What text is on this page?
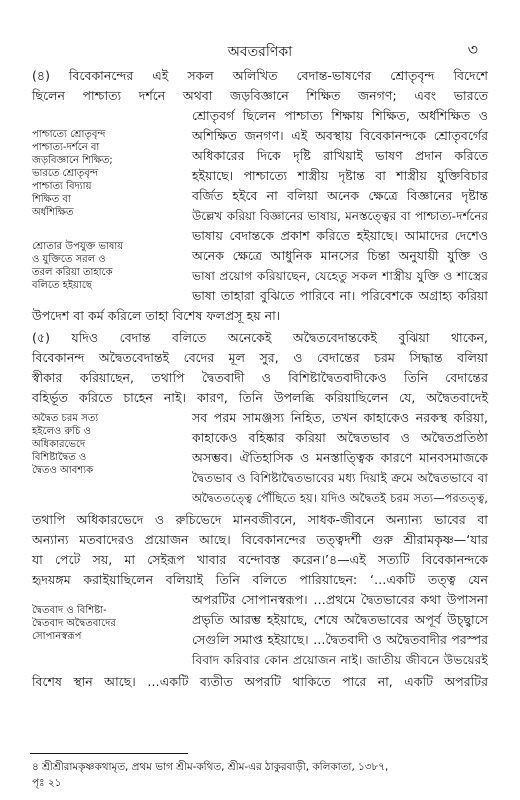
অবতরণিকা	৩
(৪) বিবেকানন্দের এই সকল অলিখিত বেদান্ত-ভাষণের শ্রোতৃবৃন্দ বিদেশে
ছিলেন পাশ্চাত্য দর্শনে অথবা জড়বিজ্ঞানে শিক্ষিত জনগণ; এবং ভারতে
শ্রোতৃবর্গ ছিলেন পাশ্চাত্য শিক্ষায় শিক্ষিত, অর্ধশিক্ষিত ও
অশিক্ষিত জনগণ। এই অবস্থায় বিবেকানন্দকে শ্রোতৃবর্গের
অধিকারের দিকে দৃষ্টি রাখিয়াই ভাষণ প্রদান করিতে
হইয়াছে। পাশ্চাত্যে শাস্ত্রীয় দৃষ্টান্ত বা শাস্ত্রীয় যুক্তিবিচার
বর্জিত হইবে না বলিয়া অনেক ক্ষেত্রে বিজ্ঞানের দৃষ্টান্ত
উল্লেখ করিয়া বিজ্ঞানের ভাষায়, মনস্তত্ত্বের বা পাশ্চাত্য-দর্শনের
ভাষায় বেদান্তকে প্রকাশ করিতে হইয়াছে। আমাদের দেশেও
অনেক ক্ষেত্রে আধুনিক মানসের চিন্তা অনুযায়ী যুক্তি ও
ভাষা প্রয়োগ করিয়াছেন, যেহেতু সকল শাস্ত্রীয় যুক্তি ও শাস্ত্রের
ভাষা তাহারা বুঝিতে পারিবে না। পরিবেশকে অগ্রাহ্য করিয়া
উপদেশ বা কর্ম করিলে তাহা বিশেষ ফলপ্রসূ হয় না।
(৫) যদিও বেদান্ত বলিতে অনেকেই অদ্বৈতবেদান্তকেই বুঝিয়া থাকেন,
বিবেকানন্দ অদ্বৈতবেদান্তই বেদের মূল সুর, ও বেদান্তের চরম সিদ্ধান্ত বলিয়া
স্বীকার করিয়াছেন, তথাপি দ্বৈতবাদী ও বিশিষ্টাদ্বৈতবাদীকেও তিনি বেদান্তের
বহির্ভূত করিতে চাহেন নাই। কারণ, তিনি উপলব্ধি করিয়াছিলেন যে, অদ্বৈতবাদেই
সব পরম সামঞ্জস্য নিহিত, তখন কাহাকেও নরকস্থ করিয়া,
কাহাকেও বহিষ্কার করিয়া অদ্বৈতভাব ও অদ্বৈতপ্রতিষ্ঠা
অসম্ভব। ঐতিহাসিক ও মনস্তাত্ত্বিক কারণে মানবসমাজকে
দ্বৈতভাব ও বিশিষ্টাদ্বৈতভাবের মধ্য দিয়াই ক্রমে অদ্বৈতভাবে বা
অদ্বৈততত্ত্বে পৌঁছিতে হয়। যদিও অদ্বৈতই চরম সত্য—পরতত্ত্ব,
তথাপি অধিকারভেদে ও রুচিভেদে মানবজীবনে, সাধক-জীবনে অন্যান্য ভাবের বা
অন্যান্য মতবাদেরও প্রয়োজন আছে। বিবেকানন্দের তত্ত্বদর্শী গুরু শ্রীরামকৃষ্ণ—‘যার
যা পেটে সয়, মা সেইরূপ খাবার বন্দোবস্ত করেন।’৪—এই সত্যটি বিবেকানন্দকে
হৃদয়ঙ্গম করাইয়াছিলেন বলিয়াই তিনি বলিতে পারিয়াছেন: ‘…একটি তত্ত্ব যেন
অপরটির সোপানস্বরূপ। …প্রথমে দ্বৈতভাবের কথা উপাসনা
প্রভৃতি আরম্ভ হইয়াছে, শেষে অদ্বৈতভাবের অপূর্ব উচ্ছ্বাসে
সেগুলি সমাপ্ত হইয়াছে। …দ্বৈতবাদী ও অদ্বৈতবাদীর পরস্পর
বিবাদ করিবার কোন প্রয়োজন নাই। জাতীয় জীবনে উভয়েরই
বিশেষ স্থান আছে। …একটি ব্যতীত অপরটি থাকিতে পারে না, একটি অপরটির
পাশ্চাত্যে শ্রোতৃবৃন্দ
পাশ্চাত্য-দর্শনে বা
জড়বিজ্ঞানে শিক্ষিত;
ভারতে শ্রোতৃবৃন্দ
পাশ্চাত্য বিদ্যায়
শিক্ষিত বা
অর্ধশিক্ষিত
শ্রোতার উপযুক্ত ভাষায়
ও যুক্তিতে সরল ও
তরল করিয়া তাহাকে
বলিতে হইয়াছে
অদ্বৈত চরম সত্য
হইলেও রুচি ও
অধিকারভেদে
বিশিষ্টাদ্বৈত ও
দ্বৈতও আবশ্যক
দ্বৈতবাদ ও বিশিষ্টা-
দ্বৈতবাদ অদ্বৈতবাদের
সোপানস্বরূপ
৪ শ্রীশ্রীরামকৃষ্ণকথামৃত, প্রথম ভাগ শ্রীম-কথিত, শ্রীম-এর ঠাকুরবাড়ী, কলিকাতা, ১৩৮৭,
পৃঃ ২১
